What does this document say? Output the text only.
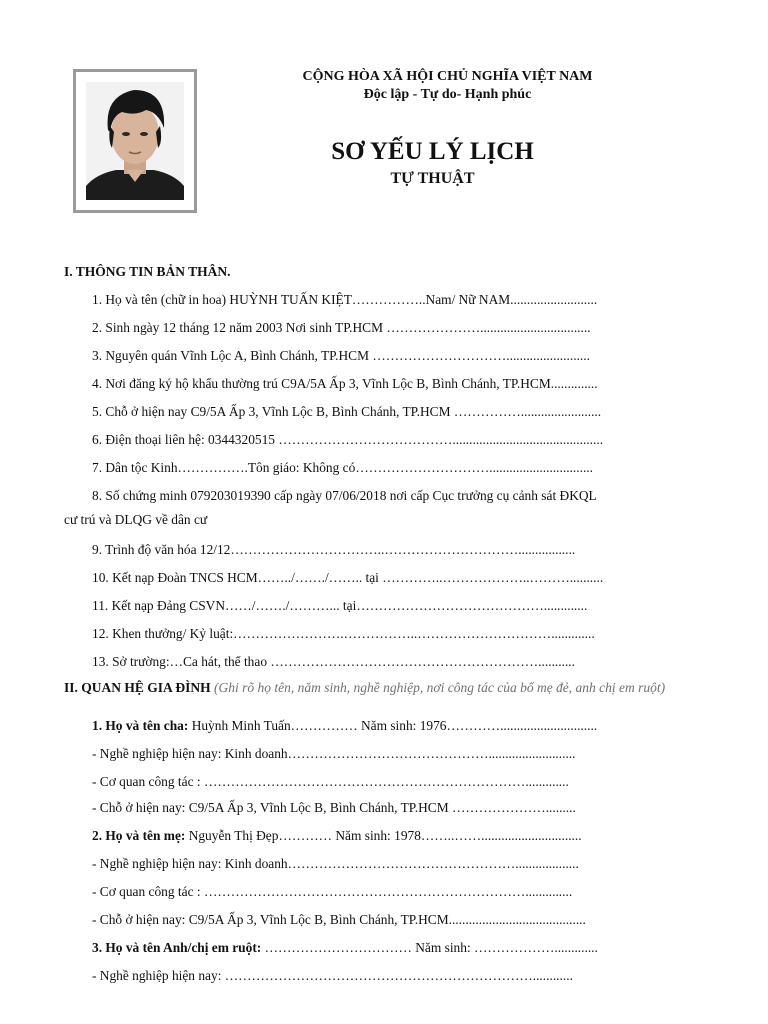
CỘNG HÒA XÃ HỘI CHỦ NGHĨA VIỆT NAM
Độc lập - Tự do- Hạnh phúc
SƠ YẾU LÝ LỊCH
TỰ THUẬT
I. THÔNG TIN BẢN THÂN.
1. Họ và tên (chữ in hoa) HUỲNH TUẤN KIỆT……………..Nam/ Nữ NAM..........................
2. Sinh ngày 12 tháng 12 năm 2003 Nơi sinh TP.HCM ………………….................................
3. Nguyên quán Vĩnh Lộc A, Bình Chánh, TP.HCM ………………………….........................
4. Nơi đăng ký hộ khẩu thường trú C9A/5A Ấp 3, Vĩnh Lộc B, Bình Chánh, TP.HCM..............
5. Chỗ ở hiện nay C9/5A Ấp 3, Vĩnh Lộc B, Bình Chánh, TP.HCM ……………........................
6. Điện thoại liên hệ: 0344320515 ………………………………….............................................
7. Dân tộc Kinh…………….Tôn giáo: Không có…………………………...............................
8. Số chứng minh 079203019390 cấp ngày 07/06/2018 nơi cấp Cục trưởng cụ cảnh sát ĐKQL
cư trú và DLQG về dân cư
9. Trình độ văn hóa 12/12……………………………..………………………….................
10. Kết nạp Đoàn TNCS HCM……../……./…….. tại …………..………………..………..........
11. Kết nạp Đảng CSVN……/……./………... tại…………………………………….............
12. Khen thưởng/ Kỷ luật:…………………….……………..………………………….............
13. Sở trường:…Ca hát, thể thao ……………………………………………………...........
II. QUAN HỆ GIA ĐÌNH (Ghi rõ họ tên, năm sinh, nghề nghiệp, nơi công tác của bố mẹ đẻ, anh chị em ruột)
1. Họ và tên cha: Huỳnh Minh Tuấn…………… Năm sinh: 1976………….............................
- Nghề nghiệp hiện nay: Kinh doanh………………………………………..........................
- Cơ quan công tác : ……………………………………………………………….............
- Chỗ ở hiện nay: C9/5A Ấp 3, Vĩnh Lộc B, Bình Chánh, TP.HCM ………………….........
2. Họ và tên mẹ: Nguyễn Thị Đẹp………… Năm sinh: 1978……..……..............................
- Nghề nghiệp hiện nay: Kinh doanh……………………………………………...................
- Cơ quan công tác : ………………………………………………………………..............
- Chỗ ở hiện nay: C9/5A Ấp 3, Vĩnh Lộc B, Bình Chánh, TP.HCM.........................................
3. Họ và tên Anh/chị em ruột: …………………………… Năm sinh: ……………….............
- Nghề nghiệp hiện nay: ……………………………………………………………............
